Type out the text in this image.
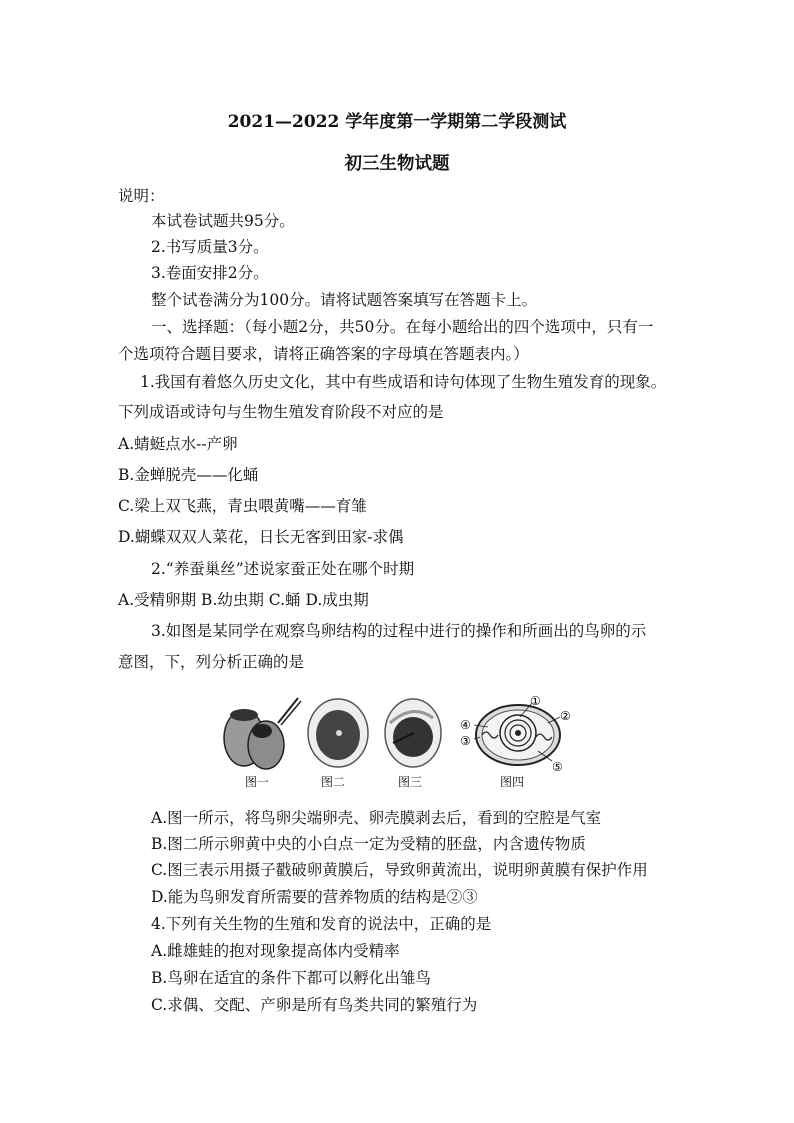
2021—2022 学年度第一学期第二学段测试
初三生物试题
说明：
本试卷试题共95分。
2.书写质量3分。
3.卷面安排2分。
整个试卷满分为100分。请将试题答案填写在答题卡上。
一、选择题：（每小题2分，共50分。在每小题给出的四个选项中，只有一
个选项符合题目要求，请将正确答案的字母填在答题表内。）
1.我国有着悠久历史文化，其中有些成语和诗句体现了生物生殖发育的现象。
下列成语或诗句与生物生殖发育阶段不对应的是
A.蜻蜓点水--产卵
B.金蝉脱壳——化蛹
C.梁上双飞燕，青虫喂黄嘴——育雏
D.蝴蝶双双人菜花，日长无客到田家-求偶
2.“养蚕巢丝”述说家蚕正处在哪个时期
A.受精卵期 B.幼虫期 C.蛹 D.成虫期
3.如图是某同学在观察鸟卵结构的过程中进行的操作和所画出的鸟卵的示
意图，下，列分析正确的是
①
②
③
④
⑤
图一	图二	图三	图四
A.图一所示，将鸟卵尖端卵壳、卵壳膜剥去后，看到的空腔是气室
B.图二所示卵黄中央的小白点一定为受精的胚盘，内含遗传物质
C.图三表示用摄子戳破卵黄膜后，导致卵黄流出，说明卵黄膜有保护作用
D.能为鸟卵发育所需要的营养物质的结构是②③
4.下列有关生物的生殖和发育的说法中，正确的是
A.雌雄蛙的抱对现象提高体内受精率
B.鸟卵在适宜的条件下都可以孵化出雏鸟
C.求偶、交配、产卵是所有鸟类共同的繁殖行为
